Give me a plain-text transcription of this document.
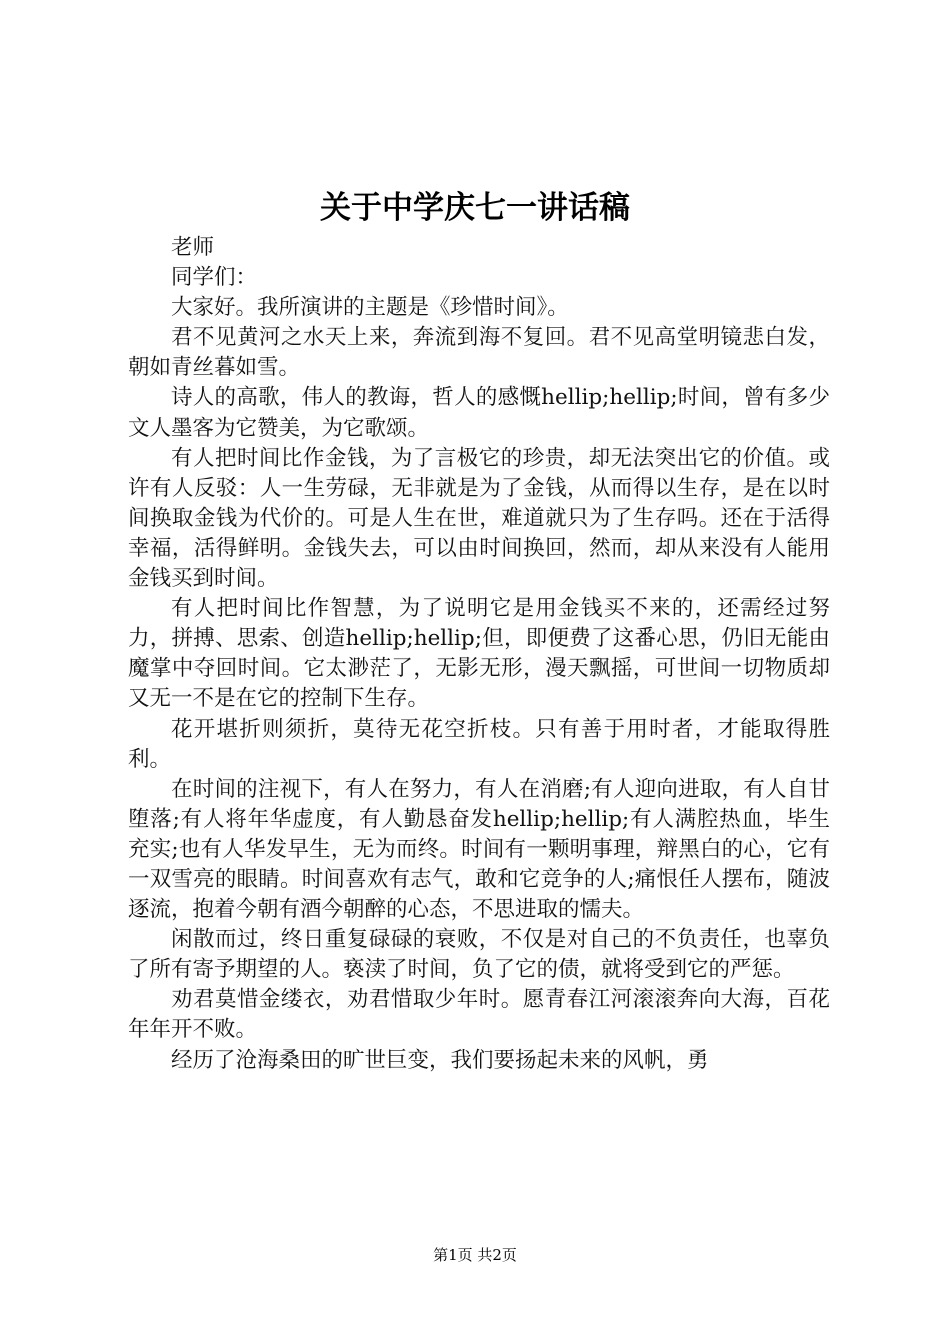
关于中学庆七一讲话稿

老师

同学们：

大家好。我所演讲的主题是《珍惜时间》。

君不见黄河之水天上来，奔流到海不复回。君不见高堂明镜悲白发，朝如青丝暮如雪。

诗人的高歌，伟人的教诲，哲人的感慨hellip;hellip;时间，曾有多少文人墨客为它赞美，为它歌颂。

有人把时间比作金钱，为了言极它的珍贵，却无法突出它的价值。或许有人反驳：人一生劳碌，无非就是为了金钱，从而得以生存，是在以时间换取金钱为代价的。可是人生在世，难道就只为了生存吗。还在于活得幸福，活得鲜明。金钱失去，可以由时间换回，然而，却从来没有人能用金钱买到时间。

有人把时间比作智慧，为了说明它是用金钱买不来的，还需经过努力，拼搏、思索、创造hellip;hellip;但，即便费了这番心思，仍旧无能由魔掌中夺回时间。它太渺茫了，无影无形，漫天飘摇，可世间一切物质却又无一不是在它的控制下生存。

花开堪折则须折，莫待无花空折枝。只有善于用时者，才能取得胜利。

在时间的注视下，有人在努力，有人在消磨;有人迎向进取，有人自甘堕落;有人将年华虚度，有人勤恳奋发hellip;hellip;有人满腔热血，毕生充实;也有人华发早生，无为而终。时间有一颗明事理，辩黑白的心，它有一双雪亮的眼睛。时间喜欢有志气，敢和它竞争的人;痛恨任人摆布，随波逐流，抱着今朝有酒今朝醉的心态，不思进取的懦夫。

闲散而过，终日重复碌碌的衰败，不仅是对自己的不负责任，也辜负了所有寄予期望的人。亵渎了时间，负了它的债，就将受到它的严惩。

劝君莫惜金缕衣，劝君惜取少年时。愿青春江河滚滚奔向大海，百花年年开不败。

经历了沧海桑田的旷世巨变，我们要扬起未来的风帆，勇

第1页 共2页
